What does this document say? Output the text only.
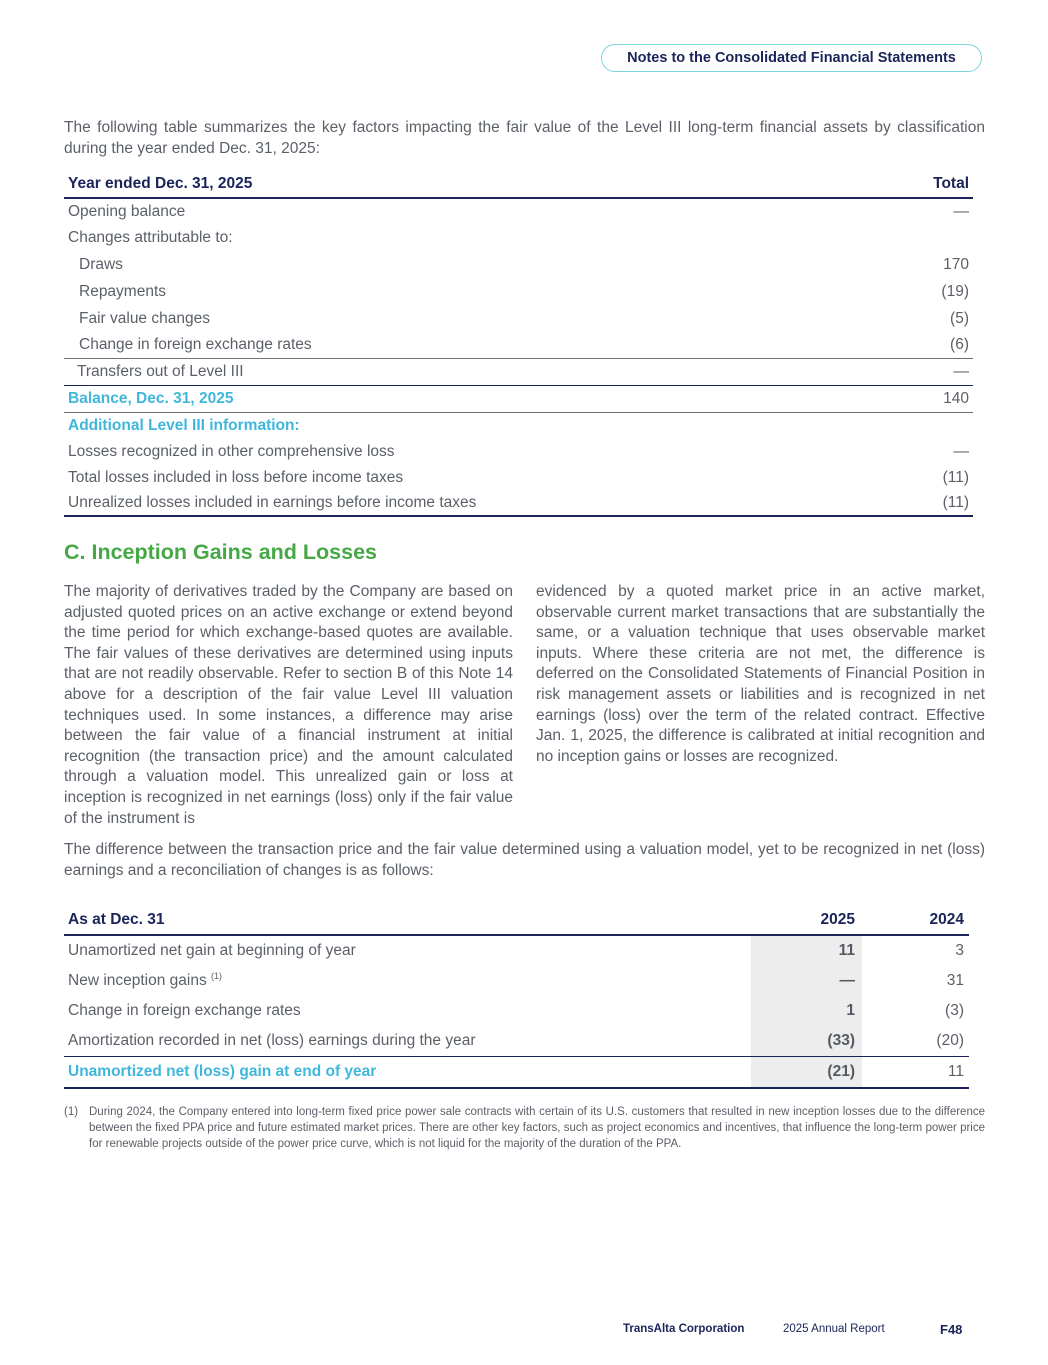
Notes to the Consolidated Financial Statements

The following table summarizes the key factors impacting the fair value of the Level III long-term financial assets by classification during the year ended Dec. 31, 2025:

Year ended Dec. 31, 2025	Total
Opening balance	—
Changes attributable to:
Draws	170
Repayments	(19)
Fair value changes	(5)
Change in foreign exchange rates	(6)
Transfers out of Level III	—
Balance, Dec. 31, 2025	140
Additional Level III information:
Losses recognized in other comprehensive loss	—
Total losses included in loss before income taxes	(11)
Unrealized losses included in earnings before income taxes	(11)
C. Inception Gains and Losses

The majority of derivatives traded by the Company are based on adjusted quoted prices on an active exchange or extend beyond the time period for which exchange-based quotes are available. The fair values of these derivatives are determined using inputs that are not readily observable. Refer to section B of this Note 14 above for a description of the fair value Level III valuation techniques used. In some instances, a difference may arise between the fair value of a financial instrument at initial recognition (the transaction price) and the amount calculated through a valuation model. This unrealized gain or loss at inception is recognized in net earnings (loss) only if the fair value of the instrument is

evidenced by a quoted market price in an active market, observable current market transactions that are substantially the same, or a valuation technique that uses observable market inputs. Where these criteria are not met, the difference is deferred on the Consolidated Statements of Financial Position in risk management assets or liabilities and is recognized in net earnings (loss) over the term of the related contract. Effective Jan. 1, 2025, the difference is calibrated at initial recognition and no inception gains or losses are recognized.

The difference between the transaction price and the fair value determined using a valuation model, yet to be recognized in net (loss) earnings and a reconciliation of changes is as follows:

As at Dec. 31	2025	2024
Unamortized net gain at beginning of year	11	3
New inception gains $^{(1)}$	—	31
Change in foreign exchange rates	1	(3)
Amortization recorded in net (loss) earnings during the year	(33)	(20)
Unamortized net (loss) gain at end of year	(21)	11
(1) During 2024, the Company entered into long-term fixed price power sale contracts with certain of its U.S. customers that resulted in new inception losses due to the difference between the fixed PPA price and future estimated market prices. There are other key factors, such as project economics and incentives, that influence the long-term power price for renewable projects outside of the power price curve, which is not liquid for the majority of the duration of the PPA.
TransAlta Corporation	2025 Annual Report	F48
